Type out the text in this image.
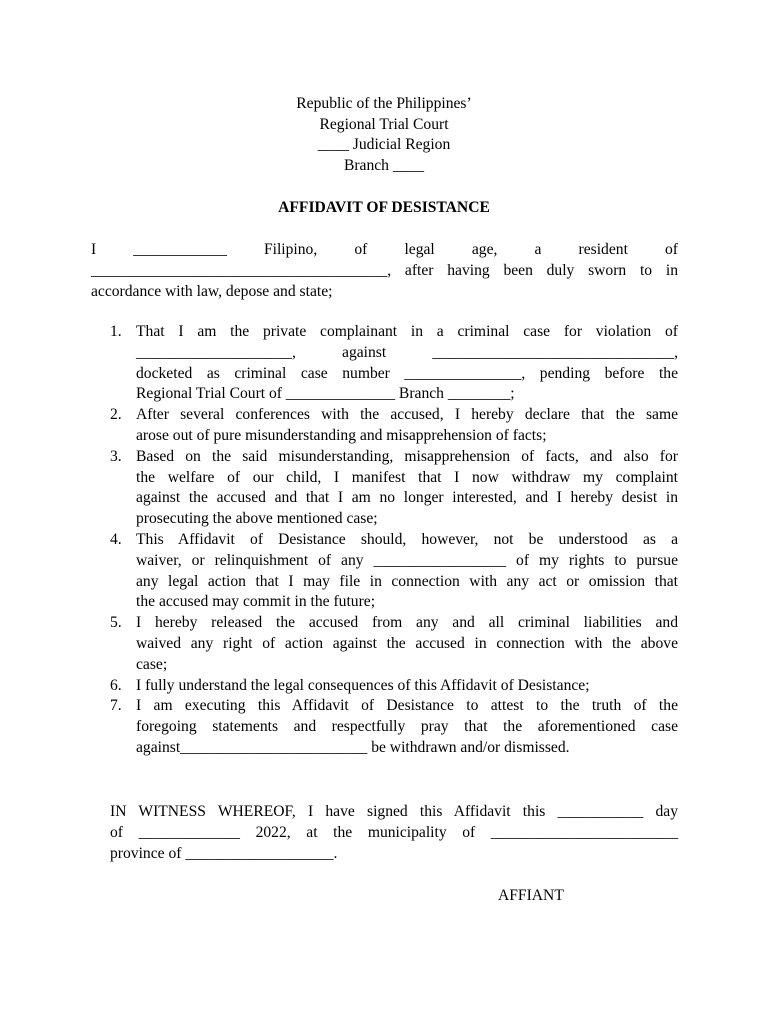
Republic of the Philippines’
Regional Trial Court
____ Judicial Region
Branch ____
AFFIDAVIT OF DESISTANCE
I ____________ Filipino, of legal age, a resident of
______________________________________, after having been duly sworn to in
accordance with law, depose and state;
1. That I am the private complainant in a criminal case for violation of
____________________, against _______________________________,
docketed as criminal case number _______________, pending before the
Regional Trial Court of ______________ Branch ________;
2. After several conferences with the accused, I hereby declare that the same
arose out of pure misunderstanding and misapprehension of facts;
3. Based on the said misunderstanding, misapprehension of facts, and also for
the welfare of our child, I manifest that I now withdraw my complaint
against the accused and that I am no longer interested, and I hereby desist in
prosecuting the above mentioned case;
4. This Affidavit of Desistance should, however, not be understood as a
waiver, or relinquishment of any _________________ of my rights to pursue
any legal action that I may file in connection with any act or omission that
the accused may commit in the future;
5. I hereby released the accused from any and all criminal liabilities and
waived any right of action against the accused in connection with the above
case;
6. I fully understand the legal consequences of this Affidavit of Desistance;
7. I am executing this Affidavit of Desistance to attest to the truth of the
foregoing statements and respectfully pray that the aforementioned case
against________________________ be withdrawn and/or dismissed.
IN WITNESS WHEREOF, I have signed this Affidavit this ___________ day
of _____________ 2022, at the municipality of ________________________
province of ___________________.
AFFIANT
